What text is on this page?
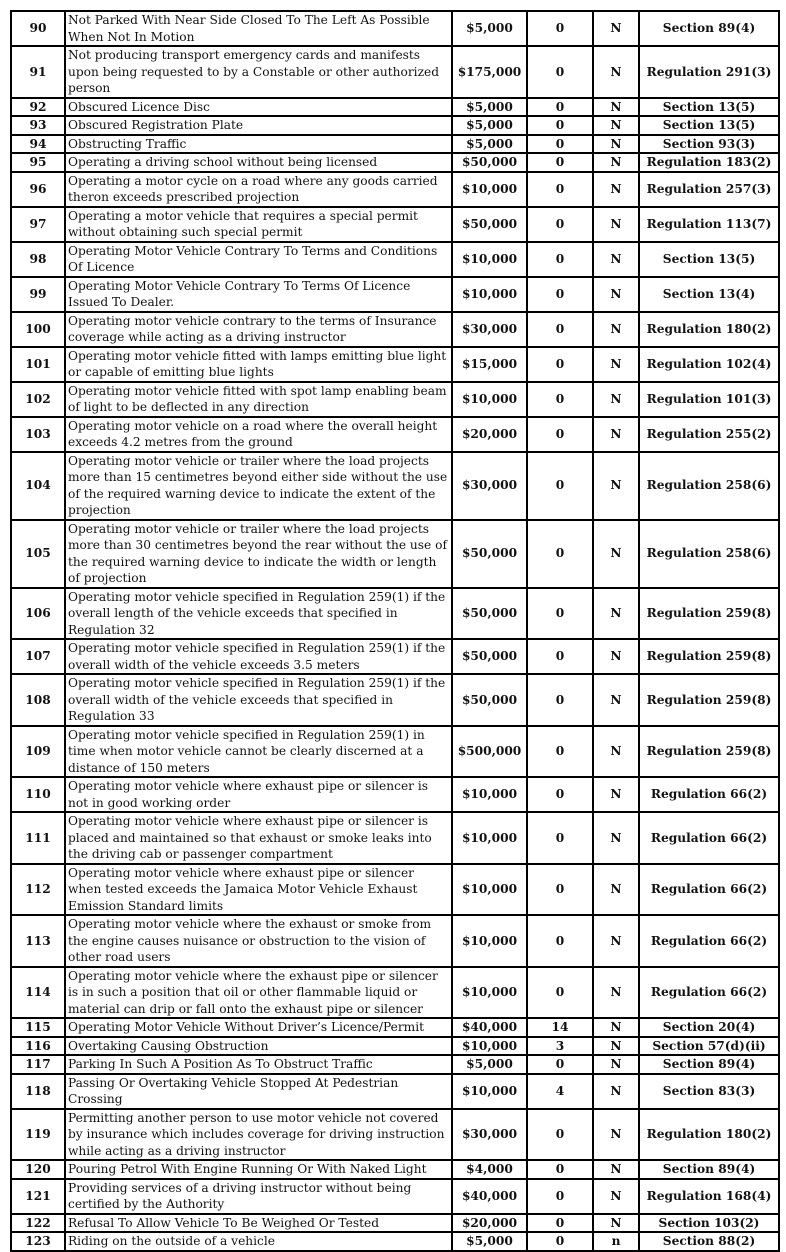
90	Not Parked With Near Side Closed To The Left As Possible When Not In Motion	$5,000	0	N	Section 89(4)
91	Not producing transport emergency cards and manifests upon being requested to by a Constable or other authorized person	$175,000	0	N	Regulation 291(3)
92	Obscured Licence Disc	$5,000	0	N	Section 13(5)
93	Obscured Registration Plate	$5,000	0	N	Section 13(5)
94	Obstructing Traffic	$5,000	0	N	Section 93(3)
95	Operating a driving school without being licensed	$50,000	0	N	Regulation 183(2)
96	Operating a motor cycle on a road where any goods carried theron exceeds prescribed projection	$10,000	0	N	Regulation 257(3)
97	Operating a motor vehicle that requires a special permit without obtaining such special permit	$50,000	0	N	Regulation 113(7)
98	Operating Motor Vehicle Contrary To Terms and Conditions Of Licence	$10,000	0	N	Section 13(5)
99	Operating Motor Vehicle Contrary To Terms Of Licence Issued To Dealer.	$10,000	0	N	Section 13(4)
100	Operating motor vehicle contrary to the terms of Insurance coverage while acting as a driving instructor	$30,000	0	N	Regulation 180(2)
101	Operating motor vehicle fitted with lamps emitting blue light or capable of emitting blue lights	$15,000	0	N	Regulation 102(4)
102	Operating motor vehicle fitted with spot lamp enabling beam of light to be deflected in any direction	$10,000	0	N	Regulation 101(3)
103	Operating motor vehicle on a road where the overall height exceeds 4.2 metres from the ground	$20,000	0	N	Regulation 255(2)
104	Operating motor vehicle or trailer where the load projects more than 15 centimetres beyond either side without the use of the required warning device to indicate the extent of the projection	$30,000	0	N	Regulation 258(6)
105	Operating motor vehicle or trailer where the load projects more than 30 centimetres beyond the rear without the use of the required warning device to indicate the width or length of projection	$50,000	0	N	Regulation 258(6)
106	Operating motor vehicle specified in Regulation 259(1) if the overall length of the vehicle exceeds that specified in Regulation 32	$50,000	0	N	Regulation 259(8)
107	Operating motor vehicle specified in Regulation 259(1) if the overall width of the vehicle exceeds 3.5 meters	$50,000	0	N	Regulation 259(8)
108	Operating motor vehicle specified in Regulation 259(1) if the overall width of the vehicle exceeds that specified in Regulation 33	$50,000	0	N	Regulation 259(8)
109	Operating motor vehicle specified in Regulation 259(1) in time when motor vehicle cannot be clearly discerned at a distance of 150 meters	$500,000	0	N	Regulation 259(8)
110	Operating motor vehicle where exhaust pipe or silencer is not in good working order	$10,000	0	N	Regulation 66(2)
111	Operating motor vehicle where exhaust pipe or silencer is placed and maintained so that exhaust or smoke leaks into the driving cab or passenger compartment	$10,000	0	N	Regulation 66(2)
112	Operating motor vehicle where exhaust pipe or silencer when tested exceeds the Jamaica Motor Vehicle Exhaust Emission Standard limits	$10,000	0	N	Regulation 66(2)
113	Operating motor vehicle where the exhaust or smoke from the engine causes nuisance or obstruction to the vision of other road users	$10,000	0	N	Regulation 66(2)
114	Operating motor vehicle where the exhaust pipe or silencer is in such a position that oil or other flammable liquid or material can drip or fall onto the exhaust pipe or silencer	$10,000	0	N	Regulation 66(2)
115	Operating Motor Vehicle Without Driver’s Licence/Permit	$40,000	14	N	Section 20(4)
116	Overtaking Causing Obstruction	$10,000	3	N	Section 57(d)(ii)
117	Parking In Such A Position As To Obstruct Traffic	$5,000	0	N	Section 89(4)
118	Passing Or Overtaking Vehicle Stopped At Pedestrian Crossing	$10,000	4	N	Section 83(3)
119	Permitting another person to use motor vehicle not covered by insurance which includes coverage for driving instruction while acting as a driving instructor	$30,000	0	N	Regulation 180(2)
120	Pouring Petrol With Engine Running Or With Naked Light	$4,000	0	N	Section 89(4)
121	Providing services of a driving instructor without being certified by the Authority	$40,000	0	N	Regulation 168(4)
122	Refusal To Allow Vehicle To Be Weighed Or Tested	$20,000	0	N	Section 103(2)
123	Riding on the outside of a vehicle	$5,000	0	n	Section 88(2)
